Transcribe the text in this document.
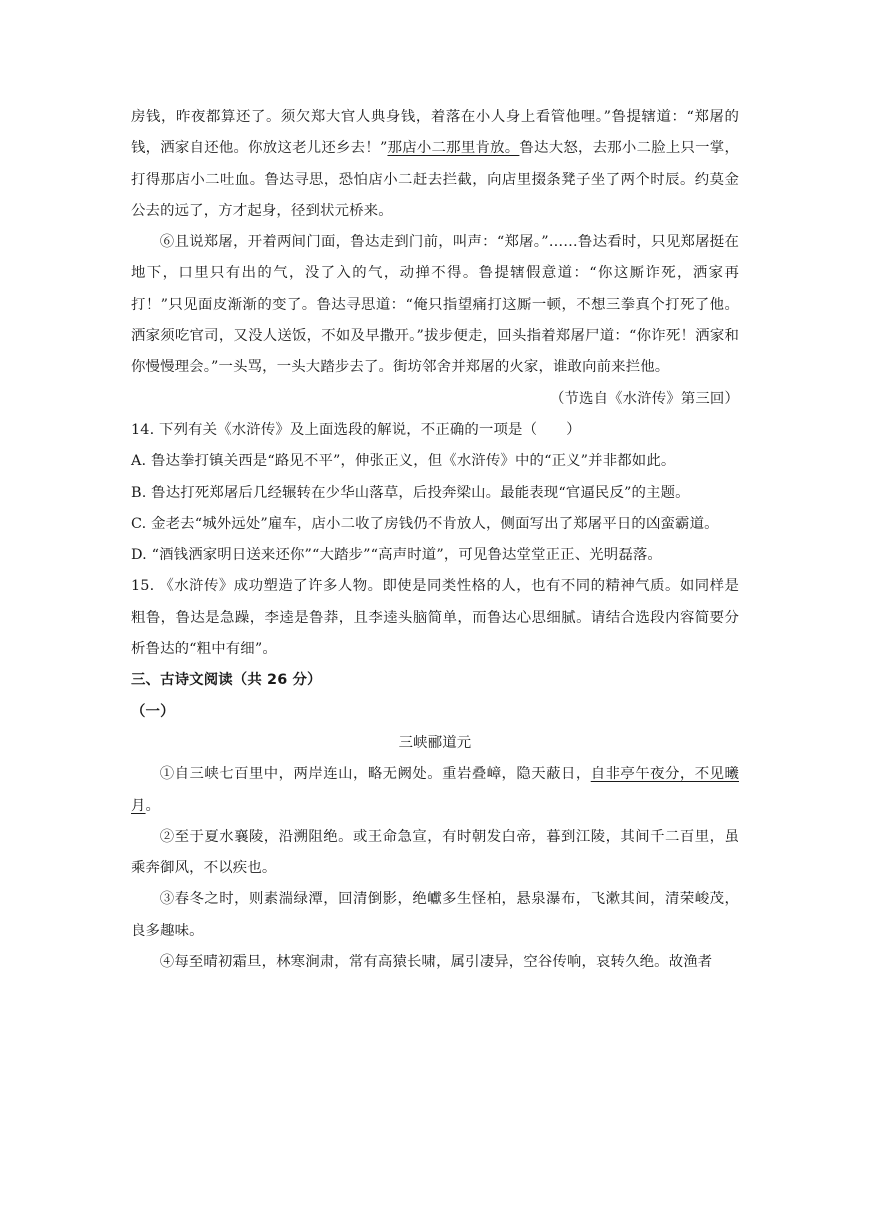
房钱，昨夜都算还了。须欠郑大官人典身钱，着落在小人身上看管他哩。”鲁提辖道：“郑屠的钱，洒家自还他。你放这老儿还乡去！”那店小二那里肯放。鲁达大怒，去那小二脸上只一掌，打得那店小二吐血。鲁达寻思，恐怕店小二赶去拦截，向店里掇条凳子坐了两个时辰。约莫金公去的远了，方才起身，径到状元桥来。

⑥且说郑屠，开着两间门面，鲁达走到门前，叫声：“郑屠。”……鲁达看时，只见郑屠挺在地下，口里只有出的气，没了入的气，动掸不得。鲁提辖假意道：“你这厮诈死，洒家再打！”只见面皮渐渐的变了。鲁达寻思道：“俺只指望痛打这厮一顿，不想三拳真个打死了他。洒家须吃官司，又没人送饭，不如及早撒开。”拔步便走，回头指着郑屠尸道：“你诈死！洒家和你慢慢理会。”一头骂，一头大踏步去了。街坊邻舍并郑屠的火家，谁敢向前来拦他。

（节选自《水浒传》第三回）

14. 下列有关《水浒传》及上面选段的解说，不正确的一项是（　　）

A. 鲁达拳打镇关西是“路见不平”，伸张正义，但《水浒传》中的“正义”并非都如此。

B. 鲁达打死郑屠后几经辗转在少华山落草，后投奔梁山。最能表现“官逼民反”的主题。

C. 金老去“城外远处”雇车，店小二收了房钱仍不肯放人，侧面写出了郑屠平日的凶蛮霸道。

D. “酒钱洒家明日送来还你”“大踏步”“高声时道”，可见鲁达堂堂正正、光明磊落。

15. 《水浒传》成功塑造了许多人物。即使是同类性格的人，也有不同的精神气质。如同样是粗鲁，鲁达是急躁，李逵是鲁莽，且李逵头脑简单，而鲁达心思细腻。请结合选段内容简要分析鲁达的“粗中有细”。

三、古诗文阅读（共 26 分）

（一）

三峡郦道元

①自三峡七百里中，两岸连山，略无阙处。重岩叠嶂，隐天蔽日，自非亭午夜分，不见曦月。

②至于夏水襄陵，沿溯阻绝。或王命急宣，有时朝发白帝，暮到江陵，其间千二百里，虽乘奔御风，不以疾也。

③春冬之时，则素湍绿潭，回清倒影，绝巘多生怪柏，悬泉瀑布，飞漱其间，清荣峻茂，良多趣味。

④每至晴初霜旦，林寒涧肃，常有高猿长啸，属引凄异，空谷传响，哀转久绝。故渔者
